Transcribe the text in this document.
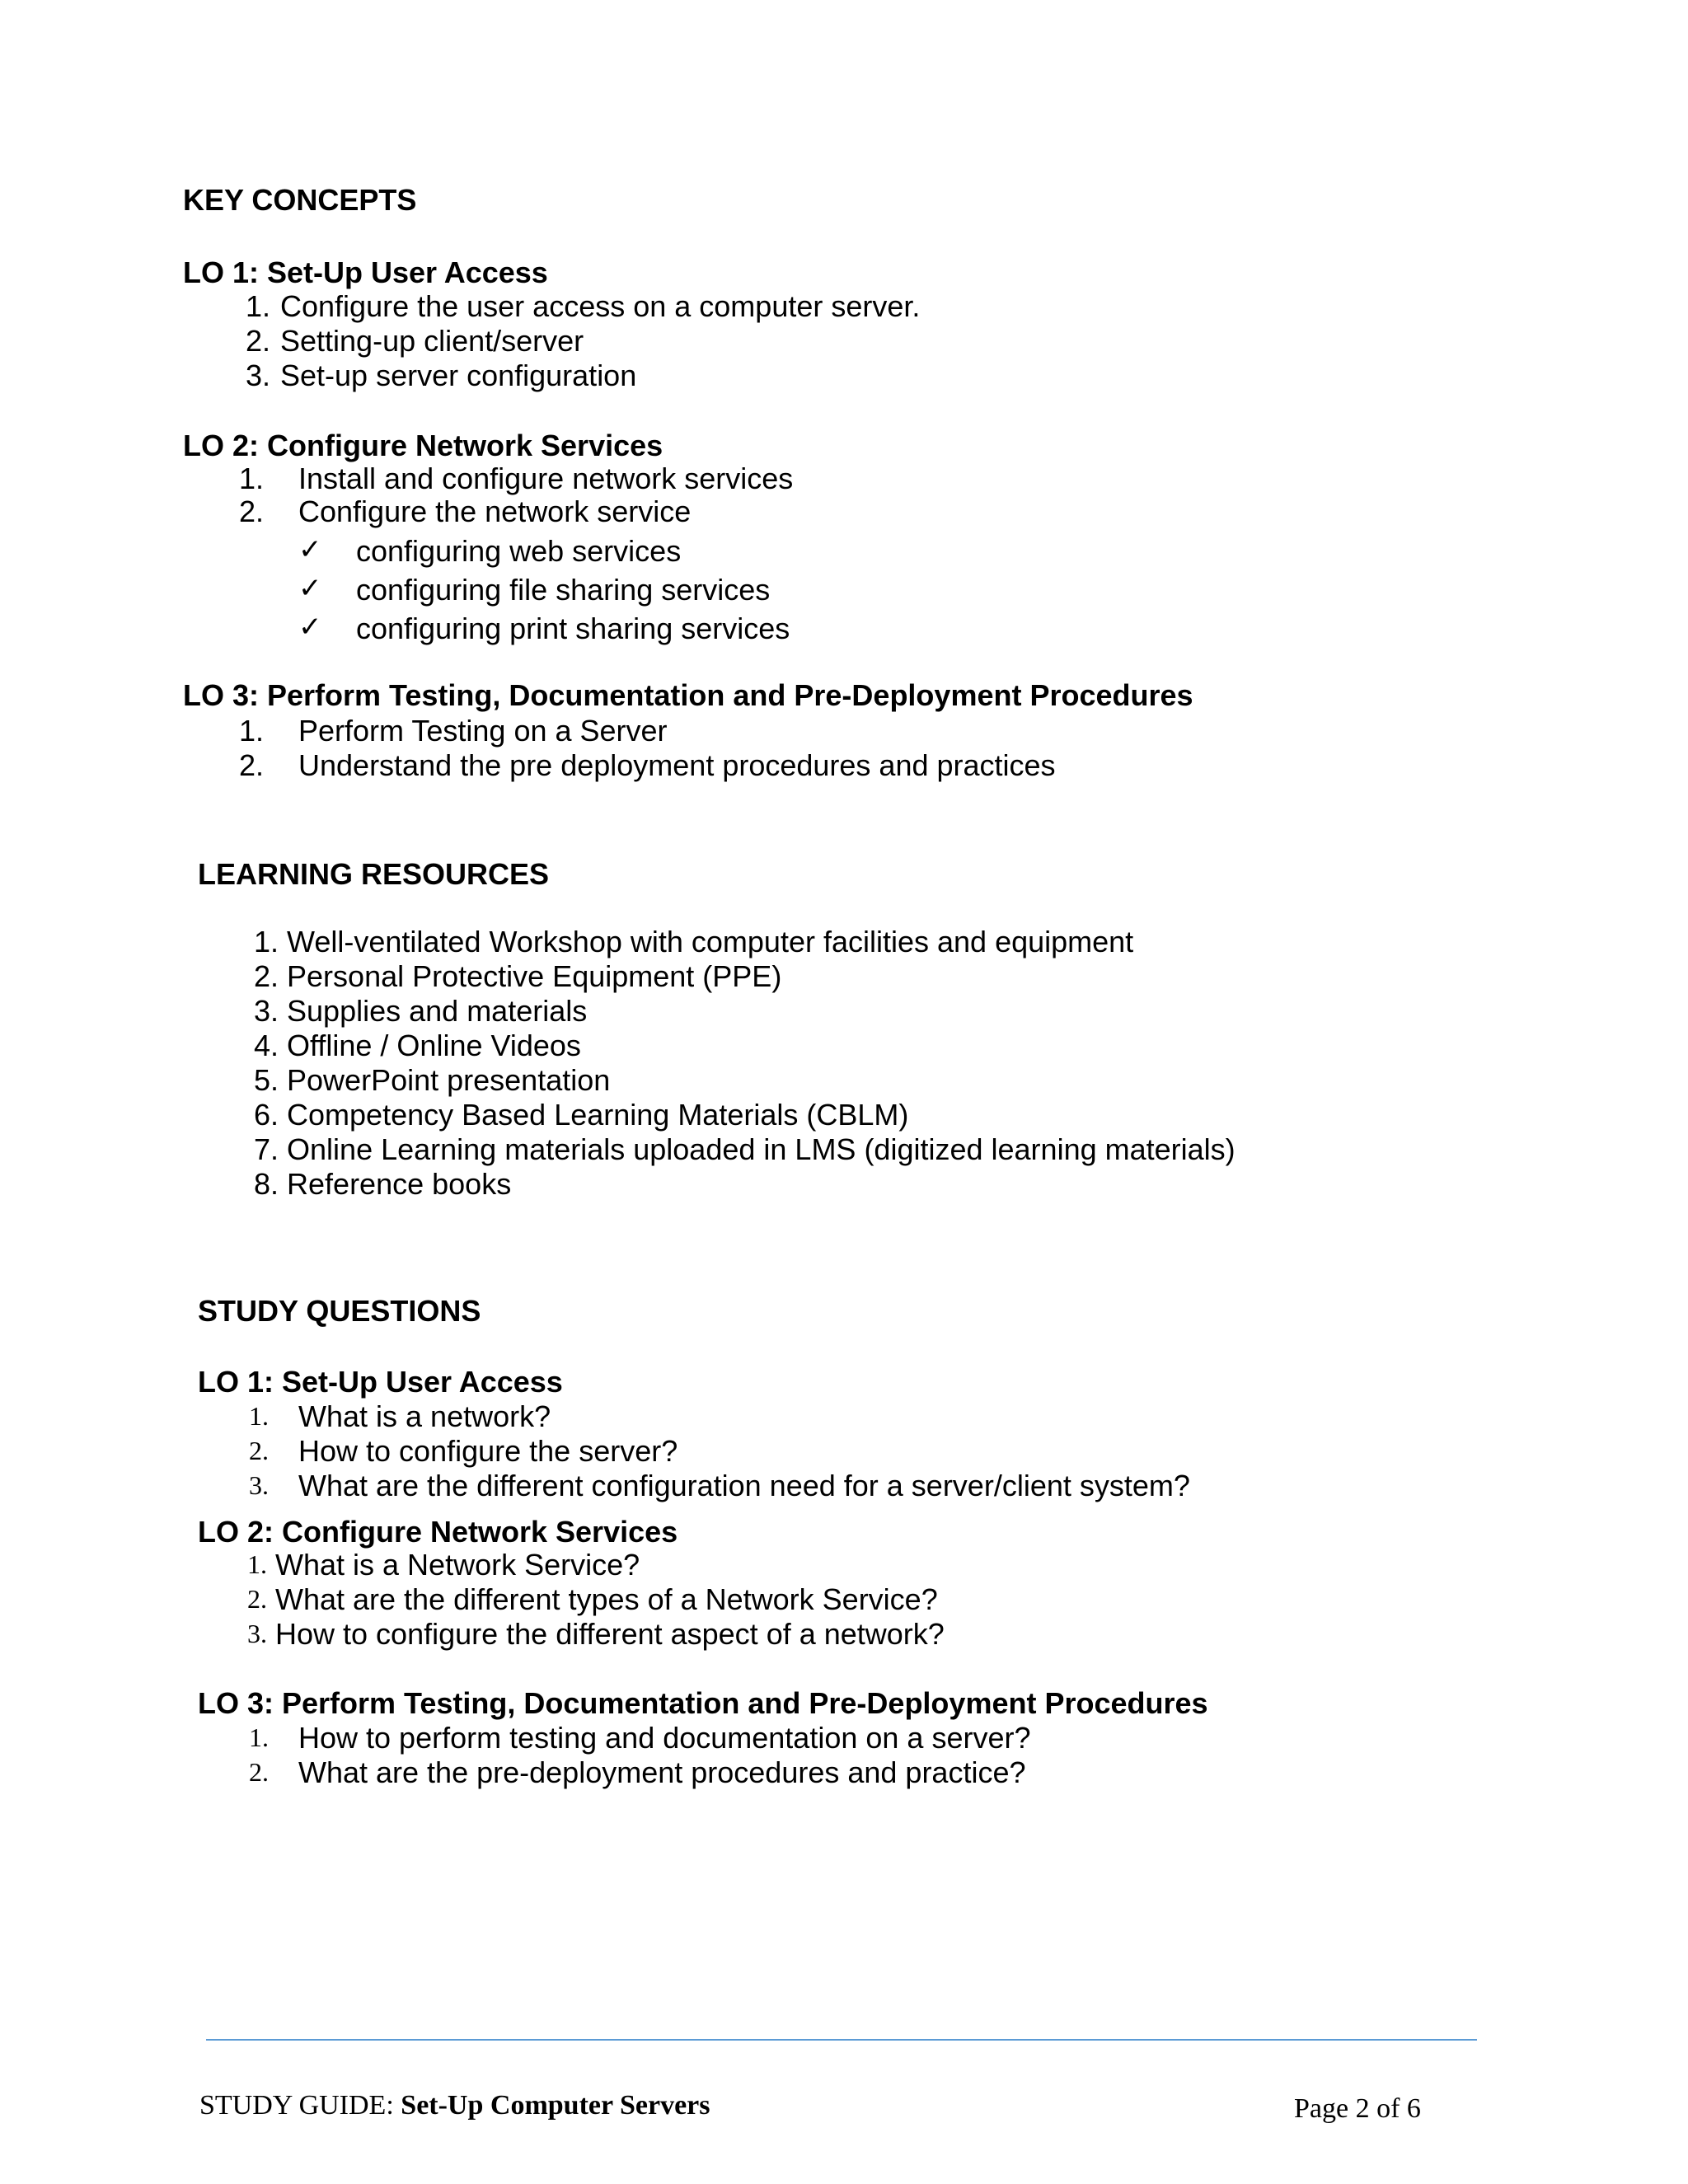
KEY CONCEPTS
LO 1: Set-Up User Access
1. Configure the user access on a computer server.
2. Setting-up client/server
3. Set-up server configuration
LO 2: Configure Network Services
1. Install and configure network services
2. Configure the network service
✓ configuring web services
✓ configuring file sharing services
✓ configuring print sharing services
LO 3: Perform Testing, Documentation and Pre-Deployment Procedures
1. Perform Testing on a Server
2. Understand the pre deployment procedures and practices
LEARNING RESOURCES
1. Well-ventilated Workshop with computer facilities and equipment
2. Personal Protective Equipment (PPE)
3. Supplies and materials
4. Offline / Online Videos
5. PowerPoint presentation
6. Competency Based Learning Materials (CBLM)
7. Online Learning materials uploaded in LMS (digitized learning materials)
8. Reference books
STUDY QUESTIONS
LO 1: Set-Up User Access
1. What is a network?
2. How to configure the server?
3. What are the different configuration need for a server/client system?
LO 2: Configure Network Services
1. What is a Network Service?
2. What are the different types of a Network Service?
3. How to configure the different aspect of a network?
LO 3: Perform Testing, Documentation and Pre-Deployment Procedures
1. How to perform testing and documentation on a server?
2. What are the pre-deployment procedures and practice?
STUDY GUIDE: Set-Up Computer Servers	Page 2 of 6
